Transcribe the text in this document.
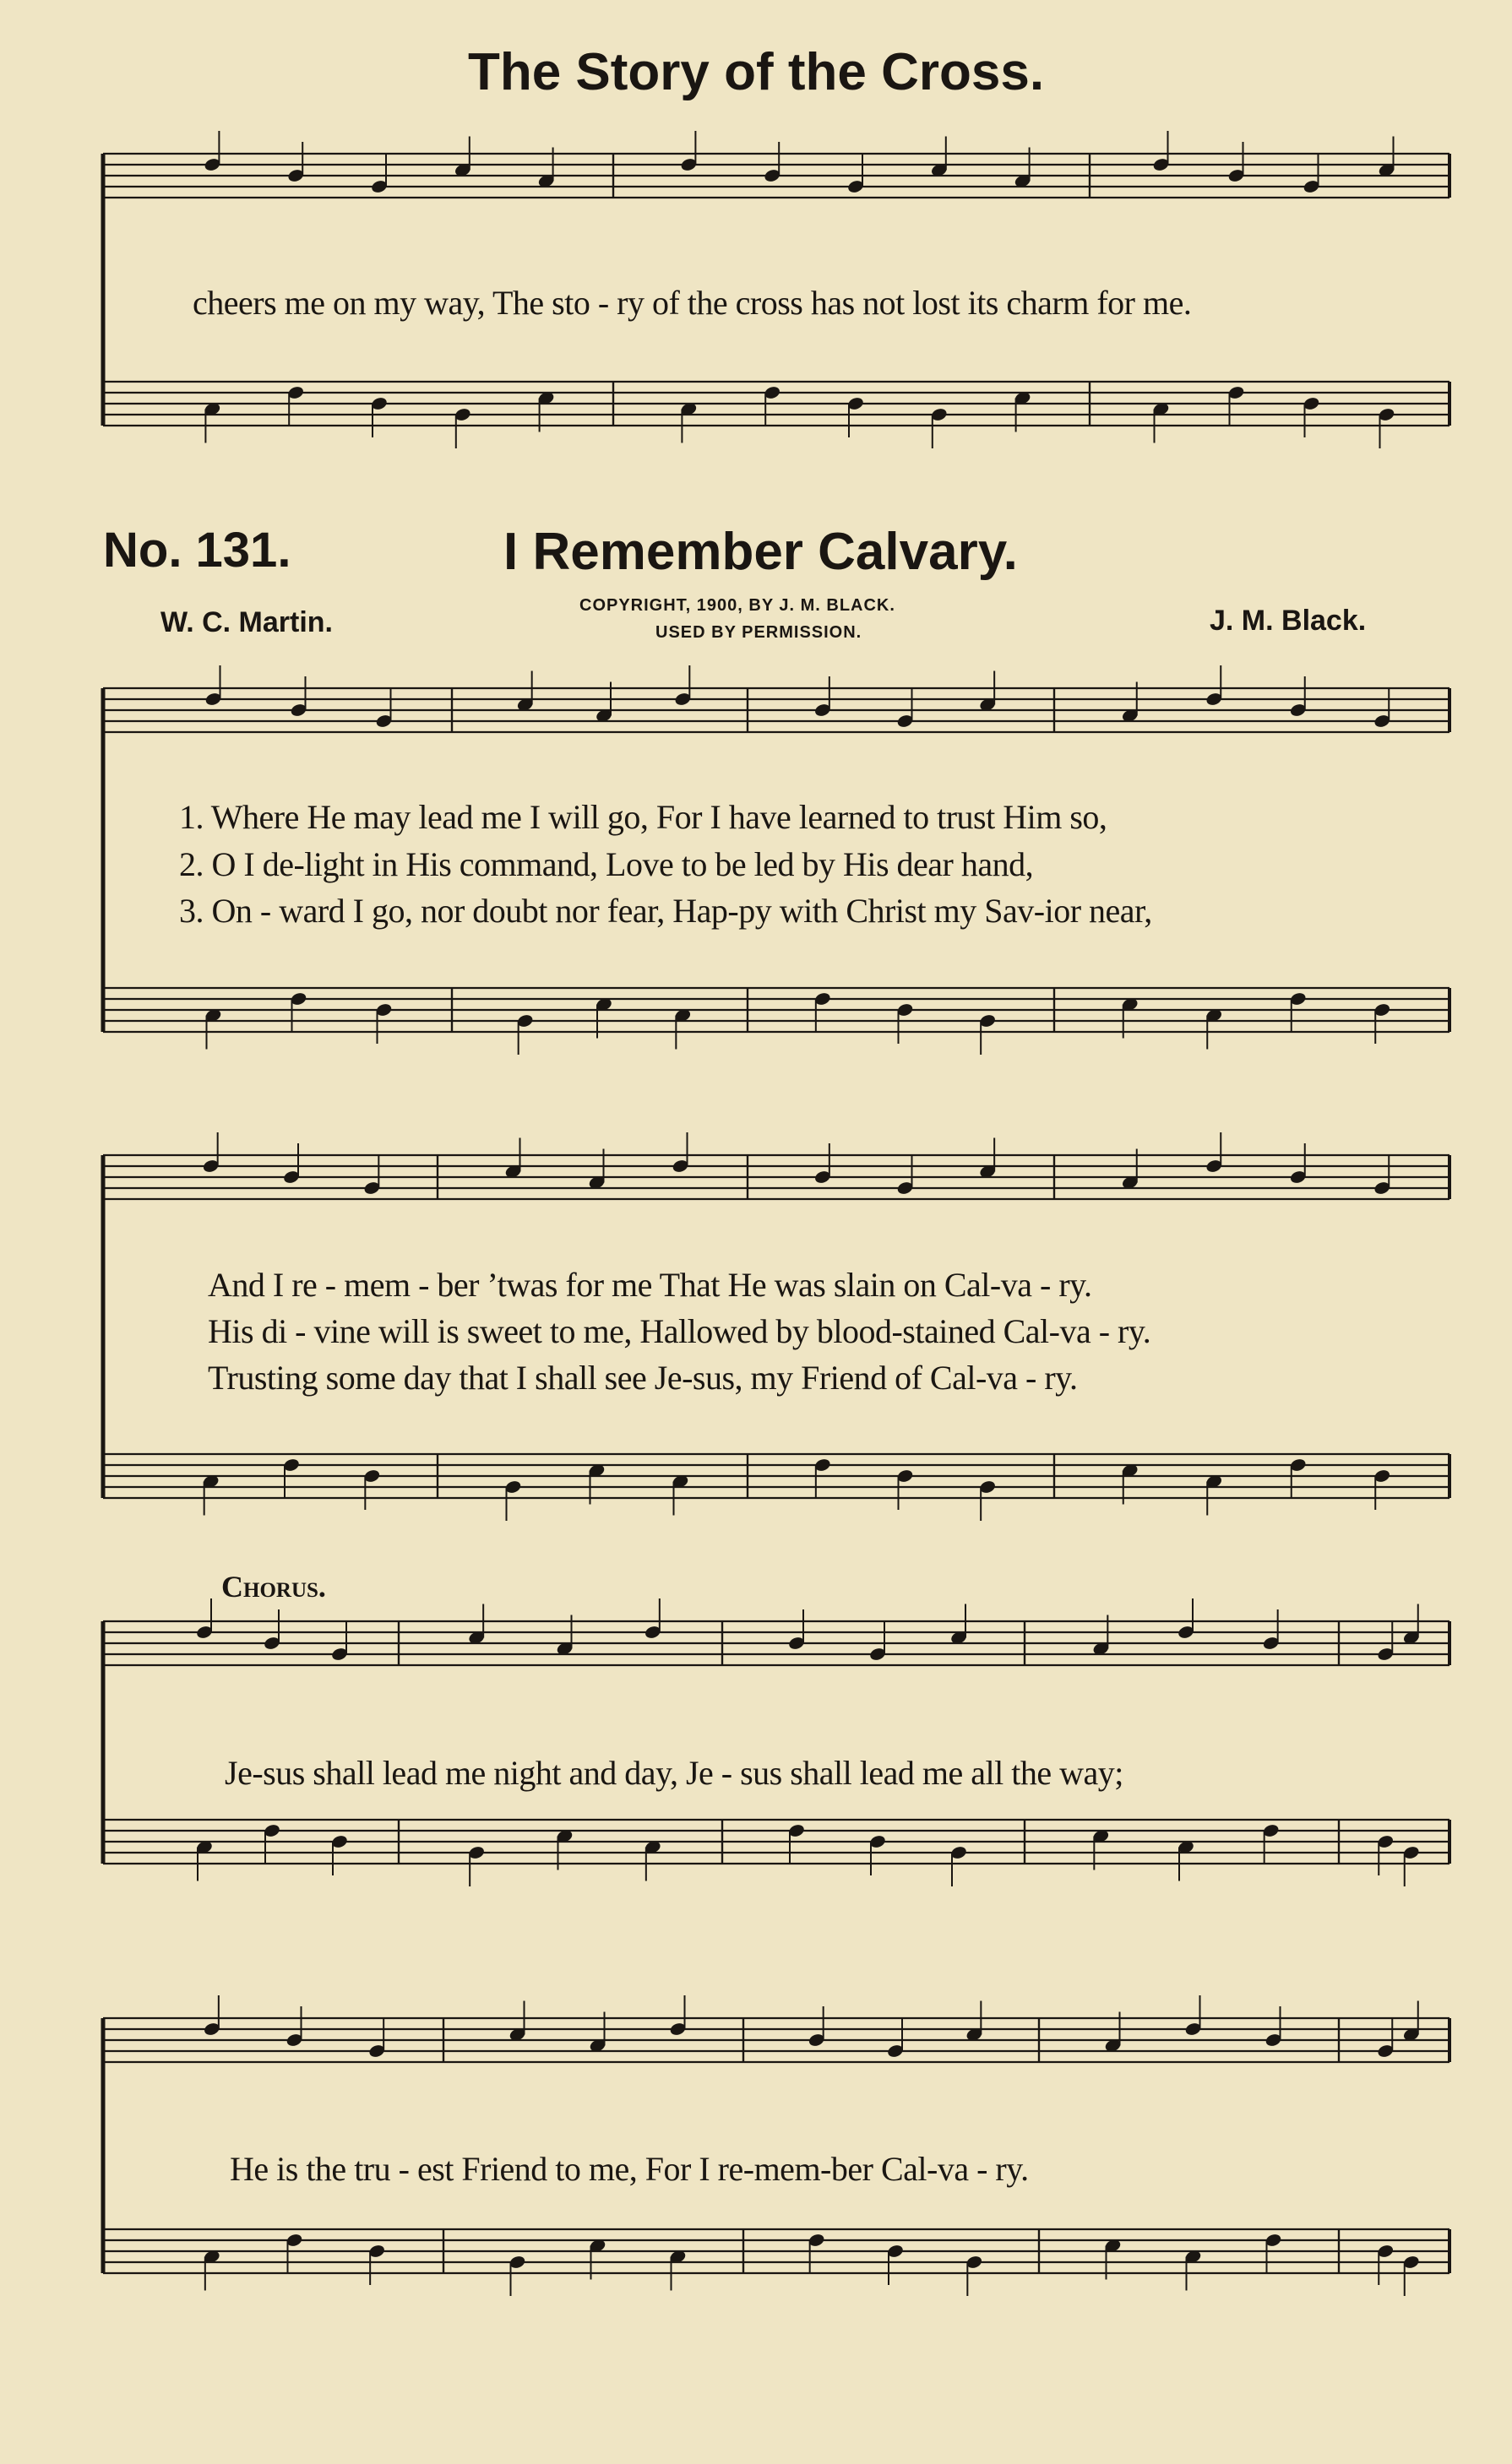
The Story of the Cross.
cheers me on my way, The sto - ry of the cross has not lost its charm for me.
No. 131.	I Remember Calvary.
W. C. Martin.
COPYRIGHT, 1900, BY J. M. BLACK.
USED BY PERMISSION.	J. M. Black.
1. Where He may lead me I will go, For I have learned to trust Him so,
2. O I de-light in His command, Love to be led by His dear hand,
3. On - ward I go, nor doubt nor fear, Hap-py with Christ my Sav-ior near,
And I re - mem - ber ’twas for me That He was slain on Cal-va - ry.
His di - vine will is sweet to me, Hallowed by blood-stained Cal-va - ry.
Trusting some day that I shall see Je-sus, my Friend of Cal-va - ry.
Chorus.
Je-sus shall lead me night and day, Je - sus shall lead me all the way;
He is the tru - est Friend to me, For I re-mem-ber Cal-va - ry.
